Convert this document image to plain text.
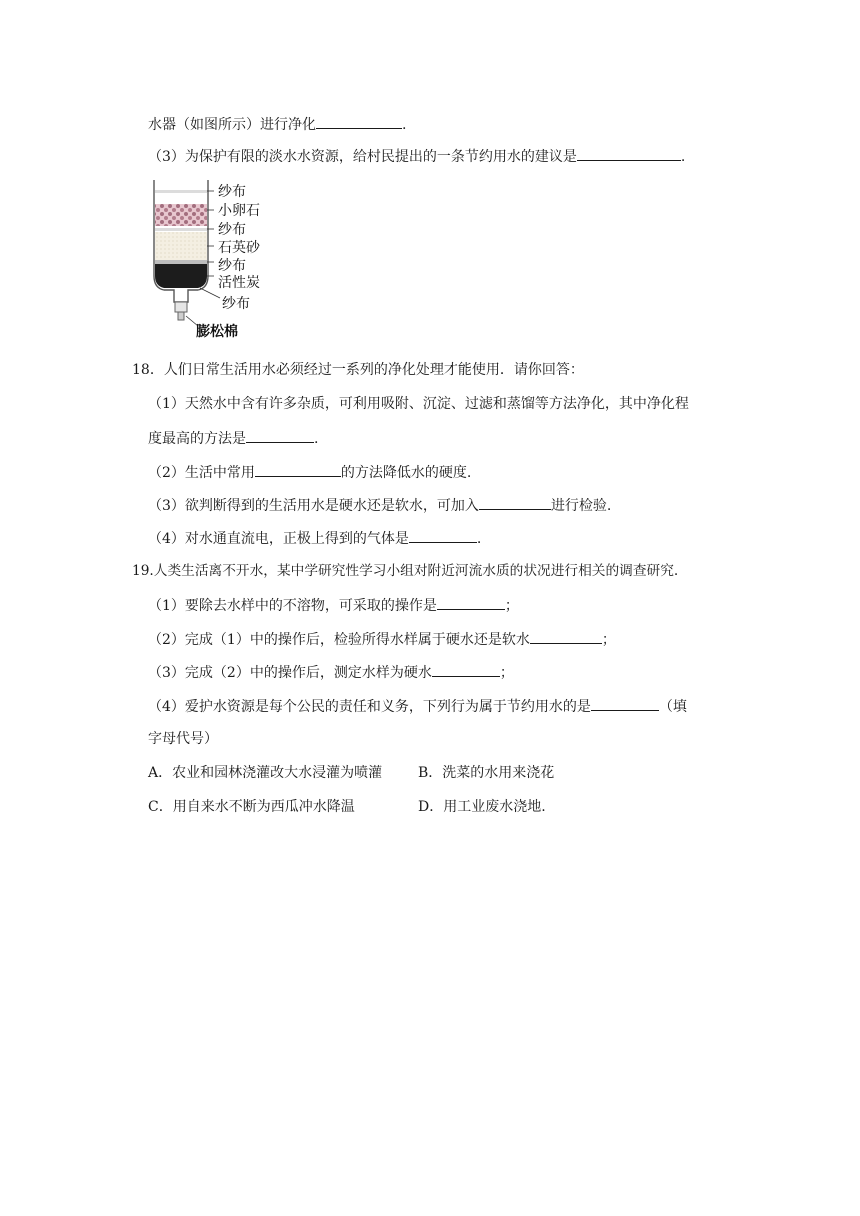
水器（如图所示）进行净化	.
（3）为保护有限的淡水水资源，给村民提出的一条节约用水的建议是	.
纱布
小卵石
纱布
石英砂
纱布
活性炭
纱布
膨松棉
18．人们日常生活用水必须经过一系列的净化处理才能使用．请你回答：
（1）天然水中含有许多杂质，可利用吸附、沉淀、过滤和蒸馏等方法净化，其中净化程
度最高的方法是	.
（2）生活中常用	的方法降低水的硬度.
（3）欲判断得到的生活用水是硬水还是软水，可加入	进行检验.
（4）对水通直流电，正极上得到的气体是	.
19.人类生活离不开水，某中学研究性学习小组对附近河流水质的状况进行相关的调查研究.
（1）要除去水样中的不溶物，可采取的操作是	；
（2）完成（1）中的操作后，检验所得水样属于硬水还是软水	；
（3）完成（2）中的操作后，测定水样为硬水	；
（4）爱护水资源是每个公民的责任和义务，下列行为属于节约用水的是	（填
字母代号）
A．农业和园林浇灌改大水浸灌为喷灌	B．洗菜的水用来浇花
C．用自来水不断为西瓜冲水降温	D．用工业废水浇地.
